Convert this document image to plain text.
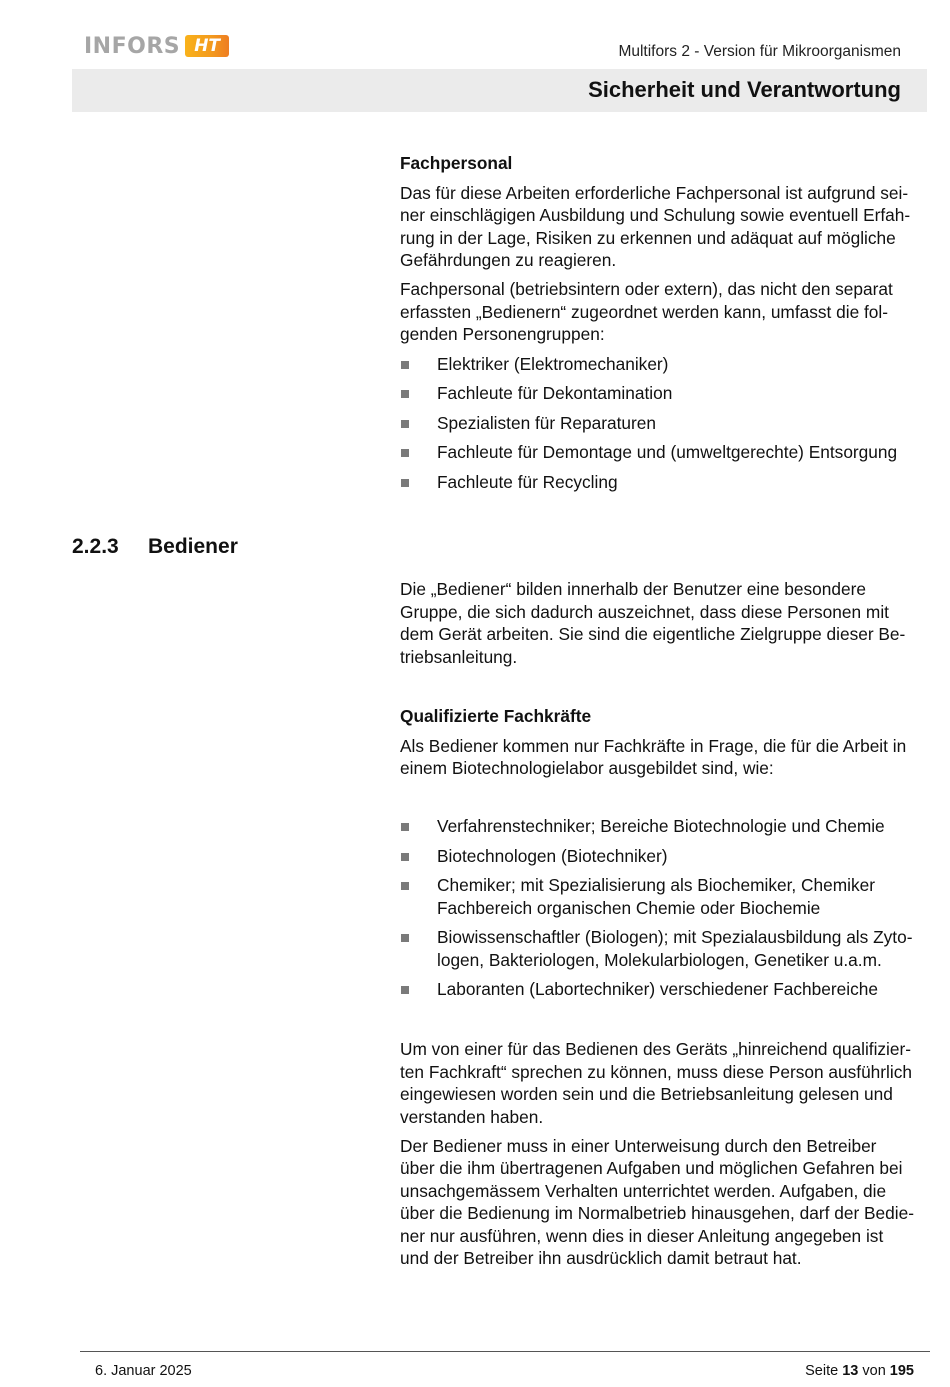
INFORS HT	Multifors 2 - Version für Mikroorganismen
Sicherheit und Verantwortung
Fachpersonal
Das für diese Arbeiten erforderliche Fachpersonal ist aufgrund sei-
ner einschlägigen Ausbildung und Schulung sowie eventuell Erfah-
rung in der Lage, Risiken zu erkennen und adäquat auf mögliche
Gefährdungen zu reagieren.
Fachpersonal (betriebsintern oder extern), das nicht den separat
erfassten „Bedienern“ zugeordnet werden kann, umfasst die fol-
genden Personengruppen:
Elektriker (Elektromechaniker)
Fachleute für Dekontamination
Spezialisten für Reparaturen
Fachleute für Demontage und (umweltgerechte) Entsorgung
Fachleute für Recycling
2.2.3 Bediener
Die „Bediener“ bilden innerhalb der Benutzer eine besondere
Gruppe, die sich dadurch auszeichnet, dass diese Personen mit
dem Gerät arbeiten. Sie sind die eigentliche Zielgruppe dieser Be-
triebsanleitung.
Qualifizierte Fachkräfte
Als Bediener kommen nur Fachkräfte in Frage, die für die Arbeit in
einem Biotechnologielabor ausgebildet sind, wie:
Verfahrenstechniker; Bereiche Biotechnologie und Chemie
Biotechnologen (Biotechniker)
Chemiker; mit Spezialisierung als Biochemiker, Chemiker
Fachbereich organischen Chemie oder Biochemie
Biowissenschaftler (Biologen); mit Spezialausbildung als Zyto-
logen, Bakteriologen, Molekularbiologen, Genetiker u.a.m.
Laboranten (Labortechniker) verschiedener Fachbereiche
Um von einer für das Bedienen des Geräts „hinreichend qualifizier-
ten Fachkraft“ sprechen zu können, muss diese Person ausführlich
eingewiesen worden sein und die Betriebsanleitung gelesen und
verstanden haben.
Der Bediener muss in einer Unterweisung durch den Betreiber
über die ihm übertragenen Aufgaben und möglichen Gefahren bei
unsachgemässem Verhalten unterrichtet werden. Aufgaben, die
über die Bedienung im Normalbetrieb hinausgehen, darf der Bedie-
ner nur ausführen, wenn dies in dieser Anleitung angegeben ist
und der Betreiber ihn ausdrücklich damit betraut hat.
6. Januar 2025	Seite 13 von 195
